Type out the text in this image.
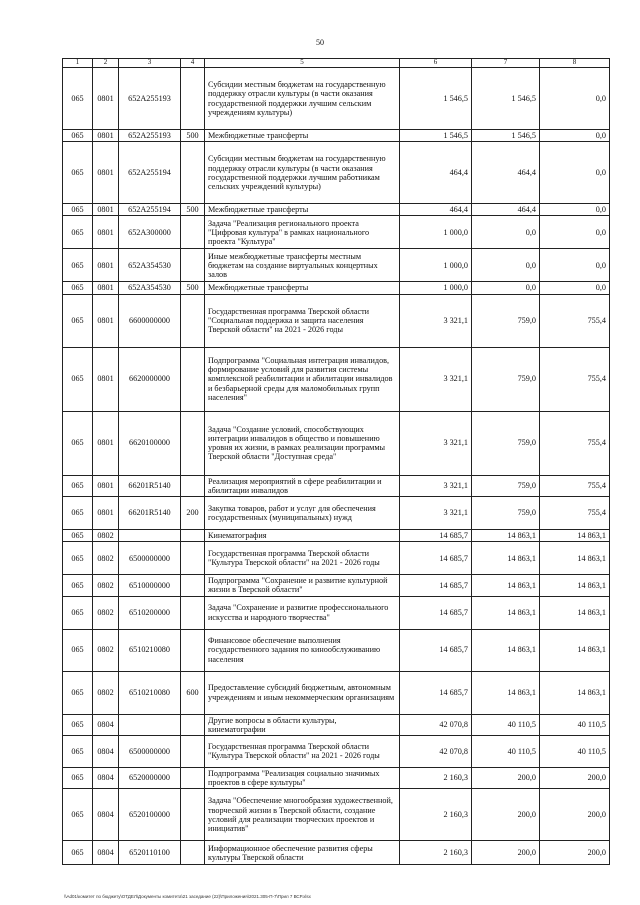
50
1	2	3	4	5	6	7	8
065	0801	652A255193		Субсидии местным бюджетам на государственную поддержку отрасли культуры (в части оказания государственной поддержки лучшим сельским учреждениям культуры)	1 546,5	1 546,5	0,0
065	0801	652A255193	500	Межбюджетные трансферты	1 546,5	1 546,5	0,0
065	0801	652A255194		Субсидии местным бюджетам на государственную поддержку отрасли культуры (в части оказания государственной поддержки лучшим работникам сельских учреждений культуры)	464,4	464,4	0,0
065	0801	652A255194	500	Межбюджетные трансферты	464,4	464,4	0,0
065	0801	652A300000		Задача "Реализация регионального проекта "Цифровая культура" в рамках национального проекта "Культура"	1 000,0	0,0	0,0
065	0801	652A354530		Иные межбюджетные трансферты местным бюджетам на создание виртуальных концертных залов	1 000,0	0,0	0,0
065	0801	652A354530	500	Межбюджетные трансферты	1 000,0	0,0	0,0
065	0801	6600000000		Государственная программа Тверской области "Социальная поддержка и защита населения Тверской области" на 2021 - 2026 годы	3 321,1	759,0	755,4
065	0801	6620000000		Подпрограмма "Социальная интеграция инвалидов, формирование условий для развития системы комплексной реабилитации и абилитации инвалидов и безбарьерной среды для маломобильных групп населения"	3 321,1	759,0	755,4
065	0801	6620100000		Задача "Создание условий, способствующих интеграции инвалидов в общество и повышению уровня их жизни, в рамках реализации программы Тверской области "Доступная среда"	3 321,1	759,0	755,4
065	0801	66201R5140		Реализация мероприятий в сфере реабилитации и абилитации инвалидов	3 321,1	759,0	755,4
065	0801	66201R5140	200	Закупка товаров, работ и услуг для обеспечения государственных (муниципальных) нужд	3 321,1	759,0	755,4
065	0802			Кинематография	14 685,7	14 863,1	14 863,1
065	0802	6500000000		Государственная программа Тверской области "Культура Тверской области" на 2021 - 2026 годы	14 685,7	14 863,1	14 863,1
065	0802	6510000000		Подпрограмма "Сохранение и развитие культурной жизни в Тверской области"	14 685,7	14 863,1	14 863,1
065	0802	6510200000		Задача "Сохранение и развитие профессионального искусства и народного творчества"	14 685,7	14 863,1	14 863,1
065	0802	6510210080		Финансовое обеспечение выполнения государственного задания по кинообслуживанию населения	14 685,7	14 863,1	14 863,1
065	0802	6510210080	600	Предоставление субсидий бюджетным, автономным учреждениям и иным некоммерческим организациям	14 685,7	14 863,1	14 863,1
065	0804			Другие вопросы в области культуры, кинематографии	42 070,8	40 110,5	40 110,5
065	0804	6500000000		Государственная программа Тверской области "Культура Тверской области" на 2021 - 2026 годы	42 070,8	40 110,5	40 110,5
065	0804	6520000000		Подпрограмма "Реализация социально значимых проектов в сфере культуры"	2 160,3	200,0	200,0
065	0804	6520100000		Задача "Обеспечение многообразия художественной, творческой жизни в Тверской области, создание условий для реализации творческих проектов и инициатив"	2 160,3	200,0	200,0
065	0804	6520110100		Информационное обеспечение развития сферы культуры Тверской области	2 160,3	200,0	200,0
\\Ad01\комитет по бюджету\ОТДЕЛ\Документы комитета\21 заседание (22)\Приложения\2021.305-П-7\Прил 7 ВСР.xlsx
